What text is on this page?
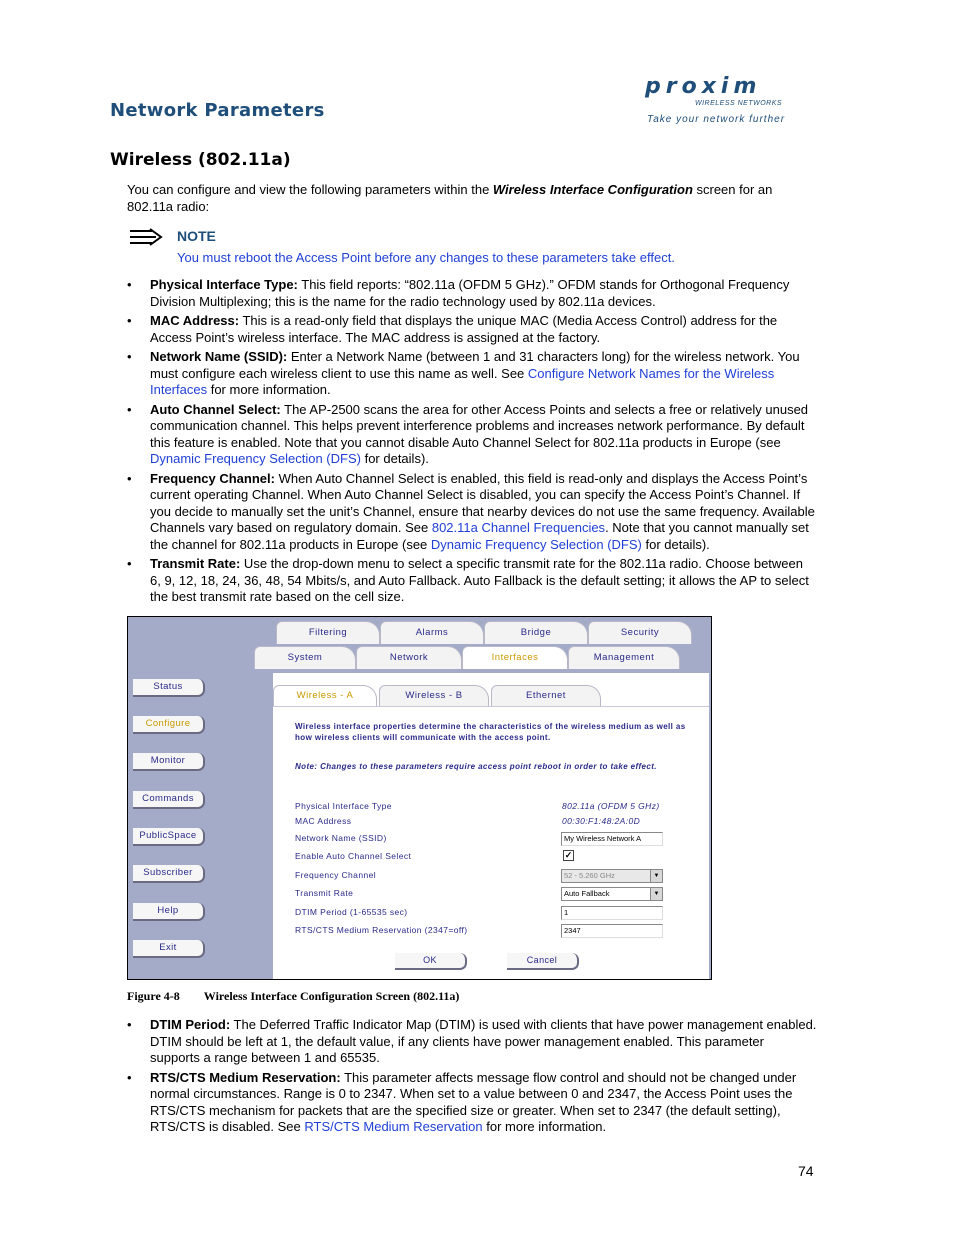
Network Parameters
proxim
WIRELESS NETWORKS
Take your network further
Wireless (802.11a)
You can configure and view the following parameters within the Wireless Interface Configuration screen for an 802.11a radio:
NOTE
You must reboot the Access Point before any changes to these parameters take effect.
• Physical Interface Type: This field reports: “802.11a (OFDM 5 GHz).” OFDM stands for Orthogonal Frequency Division Multiplexing; this is the name for the radio technology used by 802.11a devices.
• MAC Address: This is a read-only field that displays the unique MAC (Media Access Control) address for the Access Point’s wireless interface. The MAC address is assigned at the factory.
• Network Name (SSID): Enter a Network Name (between 1 and 31 characters long) for the wireless network. You must configure each wireless client to use this name as well. See Configure Network Names for the Wireless Interfaces for more information.
• Auto Channel Select: The AP-2500 scans the area for other Access Points and selects a free or relatively unused communication channel. This helps prevent interference problems and increases network performance. By default this feature is enabled. Note that you cannot disable Auto Channel Select for 802.11a products in Europe (see Dynamic Frequency Selection (DFS) for details).
• Frequency Channel: When Auto Channel Select is enabled, this field is read-only and displays the Access Point’s current operating Channel. When Auto Channel Select is disabled, you can specify the Access Point’s Channel. If you decide to manually set the unit’s Channel, ensure that nearby devices do not use the same frequency. Available Channels vary based on regulatory domain. See 802.11a Channel Frequencies. Note that you cannot manually set the channel for 802.11a products in Europe (see Dynamic Frequency Selection (DFS) for details).
• Transmit Rate: Use the drop-down menu to select a specific transmit rate for the 802.11a radio. Choose between 6, 9, 12, 18, 24, 36, 48, 54 Mbits/s, and Auto Fallback. Auto Fallback is the default setting; it allows the AP to select the best transmit rate based on the cell size.
Filtering	Alarms	Bridge	Security
System	Network	Interfaces	Management
Status
Configure
Monitor
Commands
PublicSpace
Subscriber
Help
Exit
Wireless - A	Wireless - B	Ethernet
Wireless interface properties determine the characteristics of the wireless medium as well as how wireless clients will communicate with the access point.
Note: Changes to these parameters require access point reboot in order to take effect.
Physical Interface Type	802.11a (OFDM 5 GHz)
MAC Address	00:30:F1:48:2A:0D
Network Name (SSID)	My Wireless Network A
Enable Auto Channel Select	✓
Frequency Channel	52 - 5.260 GHz	▼
Transmit Rate	Auto Fallback	▼
DTIM Period (1-65535 sec)	1
RTS/CTS Medium Reservation (2347=off)	2347
OK	Cancel
Figure 4-8 Wireless Interface Configuration Screen (802.11a)
• DTIM Period: The Deferred Traffic Indicator Map (DTIM) is used with clients that have power management enabled. DTIM should be left at 1, the default value, if any clients have power management enabled. This parameter supports a range between 1 and 65535.
• RTS/CTS Medium Reservation: This parameter affects message flow control and should not be changed under normal circumstances. Range is 0 to 2347. When set to a value between 0 and 2347, the Access Point uses the RTS/CTS mechanism for packets that are the specified size or greater. When set to 2347 (the default setting), RTS/CTS is disabled. See RTS/CTS Medium Reservation for more information.
74
